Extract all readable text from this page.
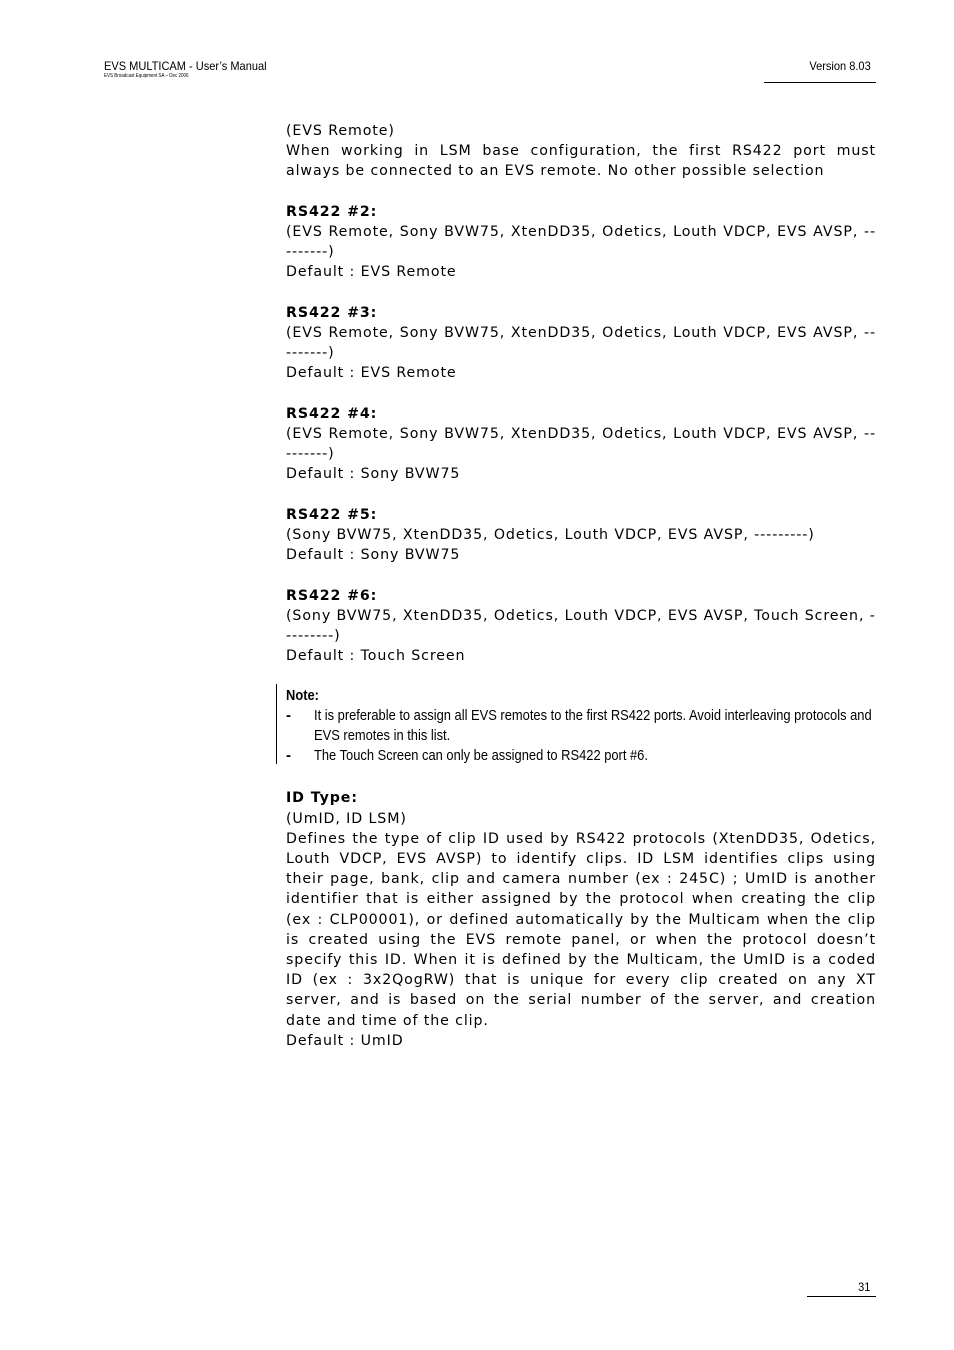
EVS MULTICAM - User’s Manual
EVS Broadcast Equipment SA – Dec 2006
Version 8.03

(EVS Remote)

When working in LSM base configuration, the first RS422 port must always be connected to an EVS remote. No other possible selection

RS422 #2:

(EVS Remote, Sony BVW75, XtenDD35, Odetics, Louth VDCP, EVS AVSP, ---------)

Default : EVS Remote

RS422 #3:

(EVS Remote, Sony BVW75, XtenDD35, Odetics, Louth VDCP, EVS AVSP, ---------)

Default : EVS Remote

RS422 #4:

(EVS Remote, Sony BVW75, XtenDD35, Odetics, Louth VDCP, EVS AVSP, ---------)

Default : Sony BVW75

RS422 #5:

(Sony BVW75, XtenDD35, Odetics, Louth VDCP, EVS AVSP, ---------)

Default : Sony BVW75

RS422 #6:

(Sony BVW75, XtenDD35, Odetics, Louth VDCP, EVS AVSP, Touch Screen, ---------)

Default : Touch Screen

Note:
- It is preferable to assign all EVS remotes to the first RS422 ports. Avoid interleaving protocols and EVS remotes in this list.
- The Touch Screen can only be assigned to RS422 port #6.

ID Type:

(UmID, ID LSM)

Defines the type of clip ID used by RS422 protocols (XtenDD35, Odetics, Louth VDCP, EVS AVSP) to identify clips. ID LSM identifies clips using their page, bank, clip and camera number (ex : 245C) ; UmID is another identifier that is either assigned by the protocol when creating the clip (ex : CLP00001), or defined automatically by the Multicam when the clip is created using the EVS remote panel, or when the protocol doesn’t specify this ID. When it is defined by the Multicam, the UmID is a coded ID (ex : 3x2QogRW) that is unique for every clip created on any XT server, and is based on the serial number of the server, and creation date and time of the clip.

Default : UmID

31
